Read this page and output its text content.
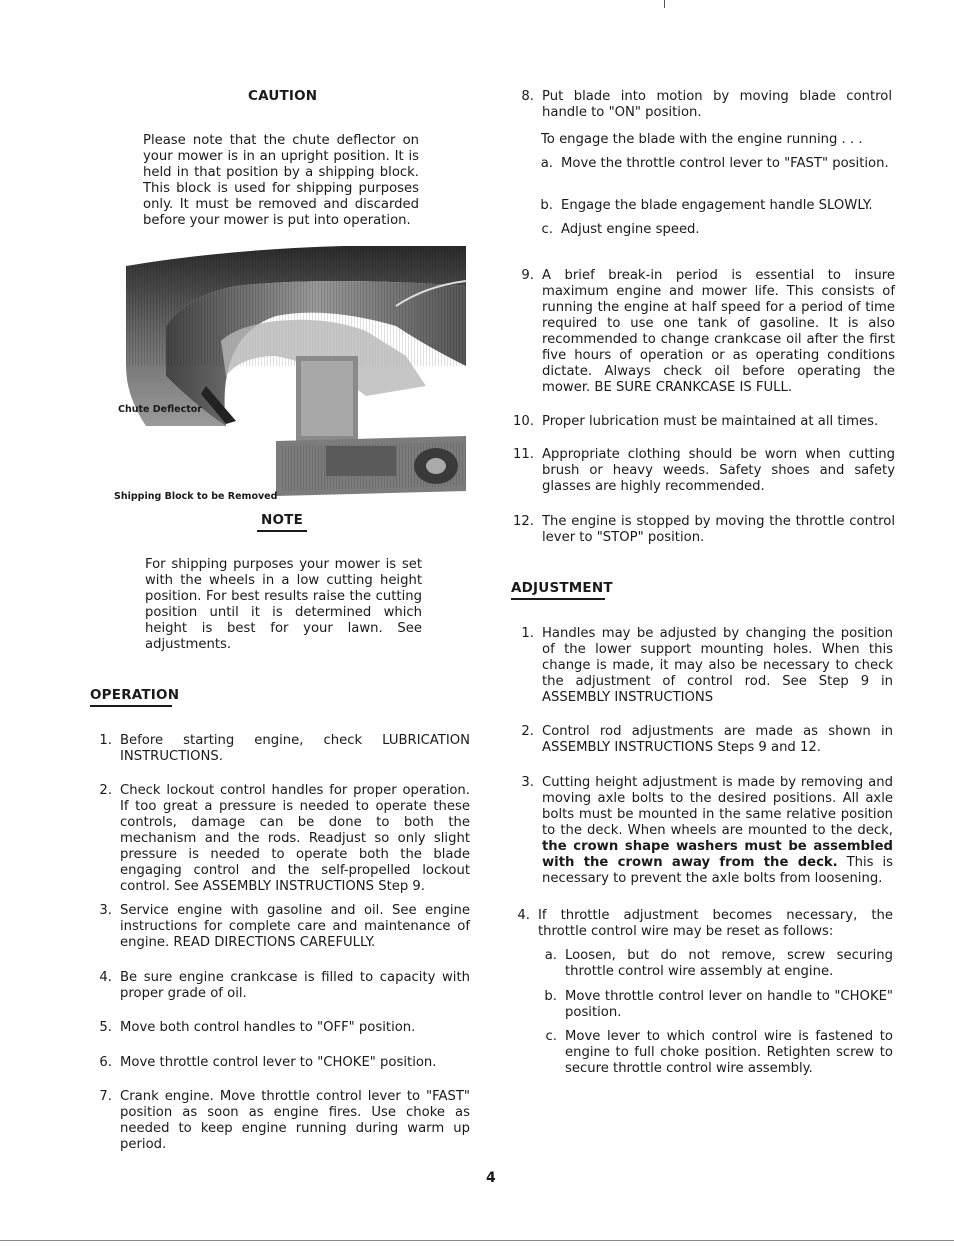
CAUTION
Please note that the chute deflector on your mower is in an upright position. It is held in that position by a shipping block. This block is used for shipping purposes only. It must be removed and discarded before your mower is put into operation.
Chute Deflector
Shipping Block to be Removed
NOTE
For shipping purposes your mower is set with the wheels in a low cutting height position. For best results raise the cutting position until it is determined which height is best for your lawn. See adjustments.
OPERATION
1. Before starting engine, check LUBRICATION INSTRUCTIONS.
2. Check lockout control handles for proper operation. If too great a pressure is needed to operate these controls, damage can be done to both the mechanism and the rods. Readjust so only slight pressure is needed to operate both the blade engaging control and the self-propelled lockout control. See ASSEMBLY INSTRUCTIONS Step 9.
3. Service engine with gasoline and oil. See engine instructions for complete care and maintenance of engine. READ DIRECTIONS CAREFULLY.
4. Be sure engine crankcase is filled to capacity with proper grade of oil.
5. Move both control handles to "OFF" position.
6. Move throttle control lever to "CHOKE" position.
7. Crank engine. Move throttle control lever to "FAST" position as soon as engine fires. Use choke as needed to keep engine running during warm up period.
8. Put blade into motion by moving blade control handle to "ON" position.
To engage the blade with the engine running . . .
a. Move the throttle control lever to "FAST" position.
b. Engage the blade engagement handle SLOWLY.
c. Adjust engine speed.
9. A brief break-in period is essential to insure maximum engine and mower life. This consists of running the engine at half speed for a period of time required to use one tank of gasoline. It is also recommended to change crankcase oil after the first five hours of operation or as operating conditions dictate. Always check oil before operating the mower. BE SURE CRANKCASE IS FULL.
10. Proper lubrication must be maintained at all times.
11. Appropriate clothing should be worn when cutting brush or heavy weeds. Safety shoes and safety glasses are highly recommended.
12. The engine is stopped by moving the throttle control lever to "STOP" position.
ADJUSTMENT
1. Handles may be adjusted by changing the position of the lower support mounting holes. When this change is made, it may also be necessary to check the adjustment of control rod. See Step 9 in ASSEMBLY INSTRUCTIONS
2. Control rod adjustments are made as shown in ASSEMBLY INSTRUCTIONS Steps 9 and 12.
3. Cutting height adjustment is made by removing and moving axle bolts to the desired positions. All axle bolts must be mounted in the same relative position to the deck. When wheels are mounted to the deck, the crown shape washers must be assembled with the crown away from the deck. This is necessary to prevent the axle bolts from loosening.
4. If throttle adjustment becomes necessary, the throttle control wire may be reset as follows:
a. Loosen, but do not remove, screw securing throttle control wire assembly at engine.
b. Move throttle control lever on handle to "CHOKE" position.
c. Move lever to which control wire is fastened to engine to full choke position. Retighten screw to secure throttle control wire assembly.
4
